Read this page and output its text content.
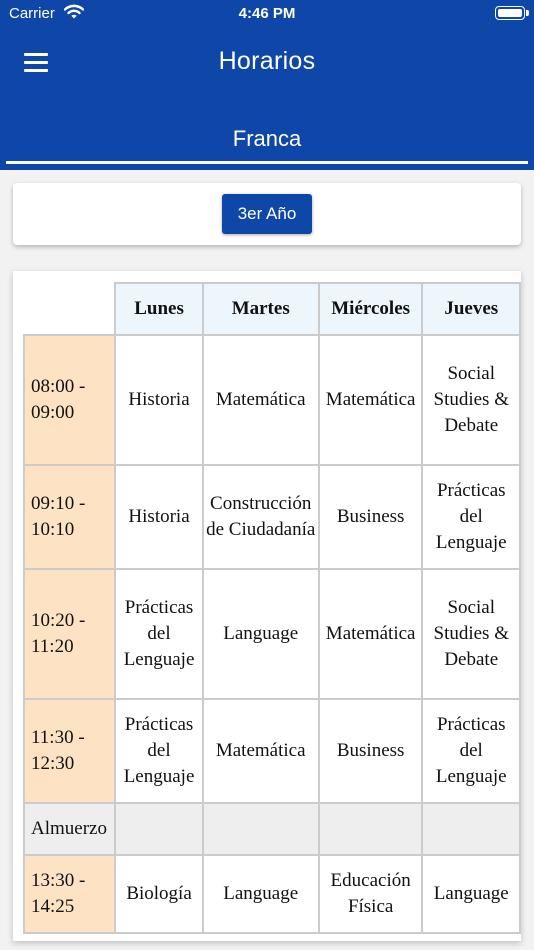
Carrier	4:46 PM
Horarios
Franca
3er Año
	Lunes	Martes	Miércoles	Jueves
08:00 - 09:00	Historia	Matemática	Matemática	Social Studies & Debate
09:10 - 10:10	Historia	Construcción de Ciudadanía	Business	Prácticas del Lenguaje
10:20 - 11:20	Prácticas del Lenguaje	Language	Matemática	Social Studies & Debate
11:30 - 12:30	Prácticas del Lenguaje	Matemática	Business	Prácticas del Lenguaje
Almuerzo				
13:30 - 14:25	Biología	Language	Educación Física	Language
